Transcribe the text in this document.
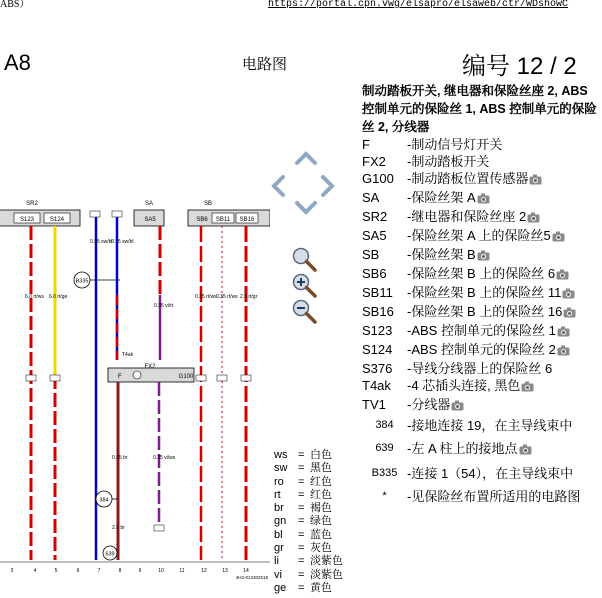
ABS）	https://portal.cpn.vwg/elsapro/elsaweb/ctr/WDshowC
A8	电路图	编号 12 / 2
SR2
S123	S124
SA
SA5
SB
SB6 SB11 SB16
B335
F
FX2
G100
T4ak
384
639
0.35 sw/bl
0.35 sw/bl
0.35 vi/rt
0.35 rt/ws 0.35 rt/ws 2.5 rt/gr
6.0 rt/ws 6.0 rt/ge
0.35 br	0.35 vi/ws
2.5 br
3	4	5	6	7	8	9	10	11	12	13	14
4H2-012302518
ws = 白色
sw = 黑色
ro	= 红色
rt	= 红色
br	= 褐色
gn	= 绿色
bl	= 蓝色
gr	= 灰色
li	= 淡紫色
vi	= 淡紫色
ge	= 黄色
制动踏板开关, 继电器和保险丝座 2, ABS 控制单元的保险丝 1, ABS 控制单元的保险丝 2, 分线器
F	-制动信号灯开关
FX2	-制动踏板开关
G100	-制动踏板位置传感器
SA	-保险丝架 A
SR2	-继电器和保险丝座 2
SA5	-保险丝架 A 上的保险丝5
SB	-保险丝架 B
SB6	-保险丝架 B 上的保险丝 6
SB11	-保险丝架 B 上的保险丝 11
SB16	-保险丝架 B 上的保险丝 16
S123	-ABS 控制单元的保险丝 1
S124	-ABS 控制单元的保险丝 2
S376	-导线分线器上的保险丝 6
T4ak	-4 芯插头连接, 黑色
TV1	-分线器
384	-接地连接 19，在主导线束中
639	-左 A 柱上的接地点
B335 -连接 1（54），在主导线束中
*	-见保险丝布置所适用的电路图
